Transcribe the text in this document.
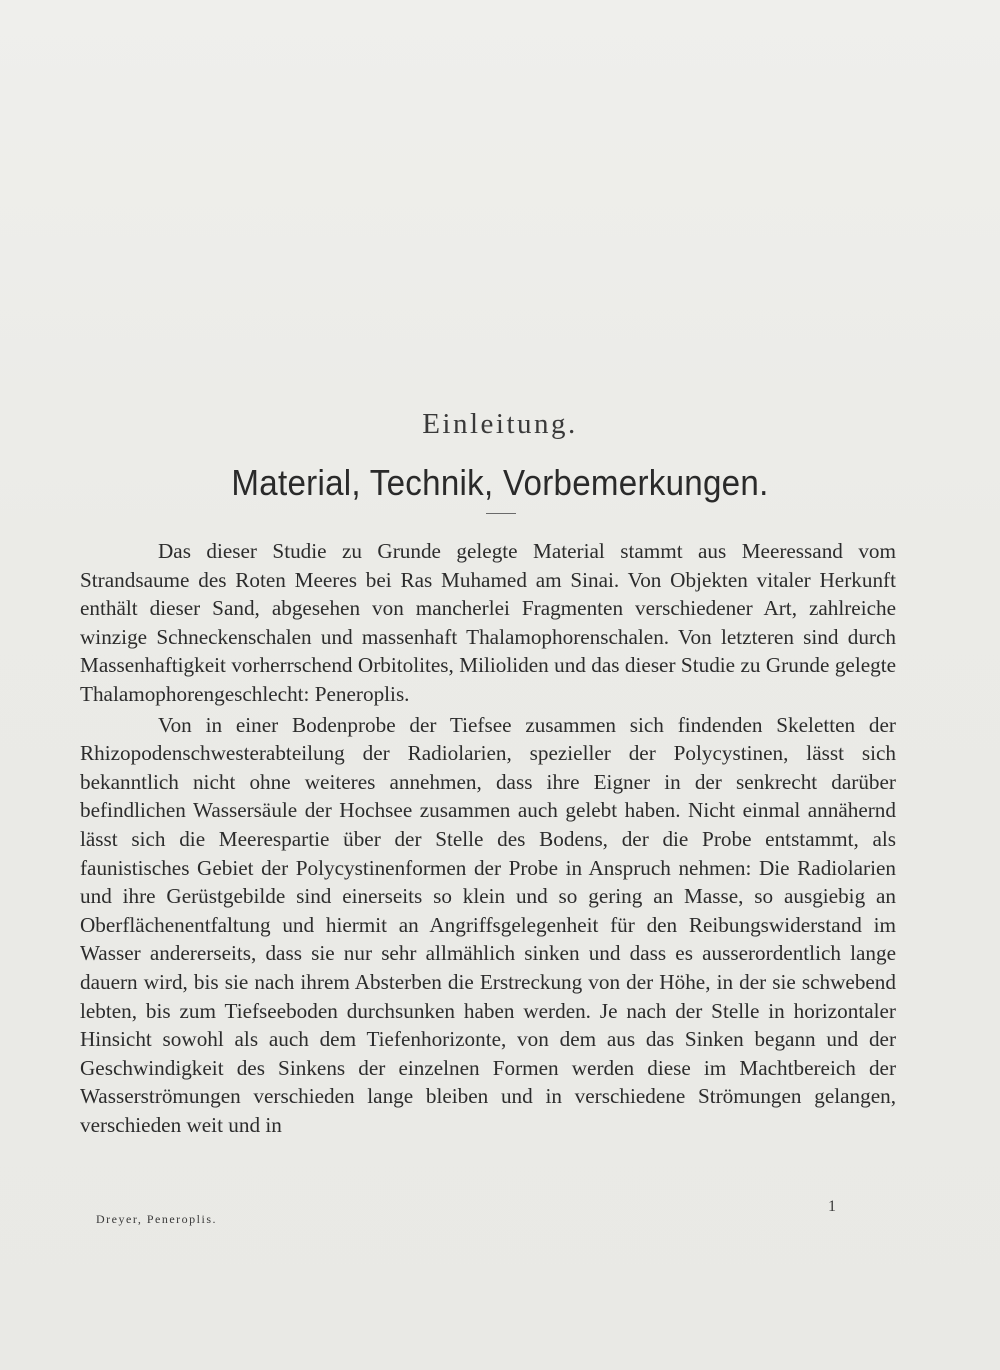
Einleitung.
Material, Technik, Vorbemerkungen.

Das dieser Studie zu Grunde gelegte Material stammt aus Meeressand vom Strandsaume des Roten Meeres bei Ras Muhamed am Sinai. Von Objekten vitaler Herkunft enthält dieser Sand, abgesehen von mancherlei Fragmenten verschiedener Art, zahlreiche winzige Schneckenschalen und massenhaft Thalamophorenschalen. Von letzteren sind durch Massenhaftigkeit vorherrschend Orbitolites, Milioliden und das dieser Studie zu Grunde gelegte Thalamophorengeschlecht: Peneroplis.

Von in einer Bodenprobe der Tiefsee zusammen sich findenden Skeletten der Rhizopodenschwesterabteilung der Radiolarien, spezieller der Polycystinen, lässt sich bekanntlich nicht ohne weiteres annehmen, dass ihre Eigner in der senkrecht darüber befindlichen Wassersäule der Hochsee zusammen auch gelebt haben. Nicht einmal annähernd lässt sich die Meerespartie über der Stelle des Bodens, der die Probe entstammt, als faunistisches Gebiet der Polycystinenformen der Probe in Anspruch nehmen: Die Radiolarien und ihre Gerüstgebilde sind einerseits so klein und so gering an Masse, so ausgiebig an Oberflächenentfaltung und hiermit an Angriffsgelegenheit für den Reibungswiderstand im Wasser andererseits, dass sie nur sehr allmählich sinken und dass es ausserordentlich lange dauern wird, bis sie nach ihrem Absterben die Erstreckung von der Höhe, in der sie schwebend lebten, bis zum Tiefseeboden durchsunken haben werden. Je nach der Stelle in horizontaler Hinsicht sowohl als auch dem Tiefenhorizonte, von dem aus das Sinken begann und der Geschwindigkeit des Sinkens der einzelnen Formen werden diese im Machtbereich der Wasserströmungen verschieden lange bleiben und in verschiedene Strömungen gelangen, verschieden weit und in

Dreyer, Peneroplis.
1
